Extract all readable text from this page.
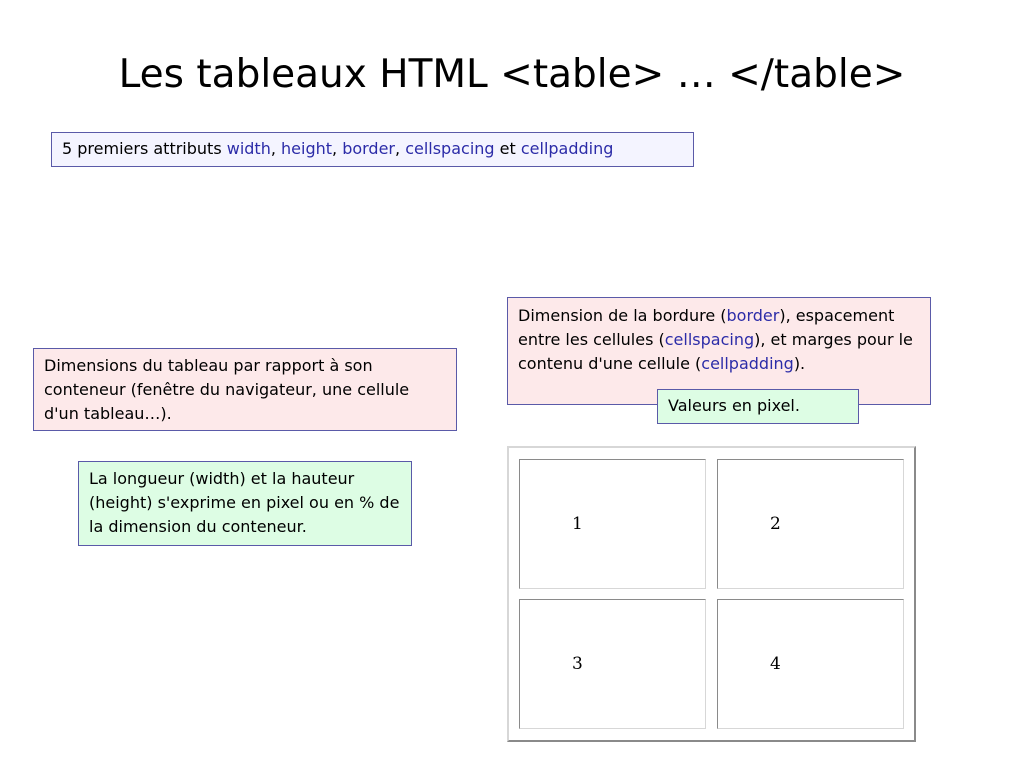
Les tableaux HTML <table> … </table>
5 premiers attributs width, height, border, cellspacing et cellpadding
Dimensions du tableau par rapport à son conteneur (fenêtre du navigateur, une cellule d'un tableau…).
La longueur (width) et la hauteur (height) s'exprime en pixel ou en % de la dimension du conteneur.
Dimension de la bordure (border), espacement entre les cellules (cellspacing), et marges pour le contenu d'une cellule (cellpadding).
Valeurs en pixel.
1	2
3	4
